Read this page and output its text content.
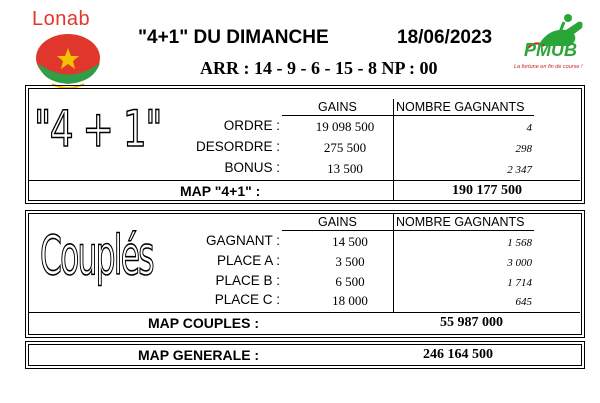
Lonab
"4+1" DU DIMANCHE	18/06/2023
ARR : 14 - 9 - 6 - 15 - 8 NP : 00
PMUB
La fortune en fin de course !
"4 + 1"	GAINS	NOMBRE GAGNANTS
ORDRE :	19 098 500	4
DESORDRE :	275 500	298
BONUS :	13 500	2 347
MAP "4+1" :	190 177 500
Couplés
GAINS	NOMBRE GAGNANTS
GAGNANT :	14 500	1 568
PLACE A :	3 500	3 000
PLACE B :	6 500	1 714
PLACE C :	18 000	645
MAP COUPLES :	55 987 000
MAP GENERALE :	246 164 500
